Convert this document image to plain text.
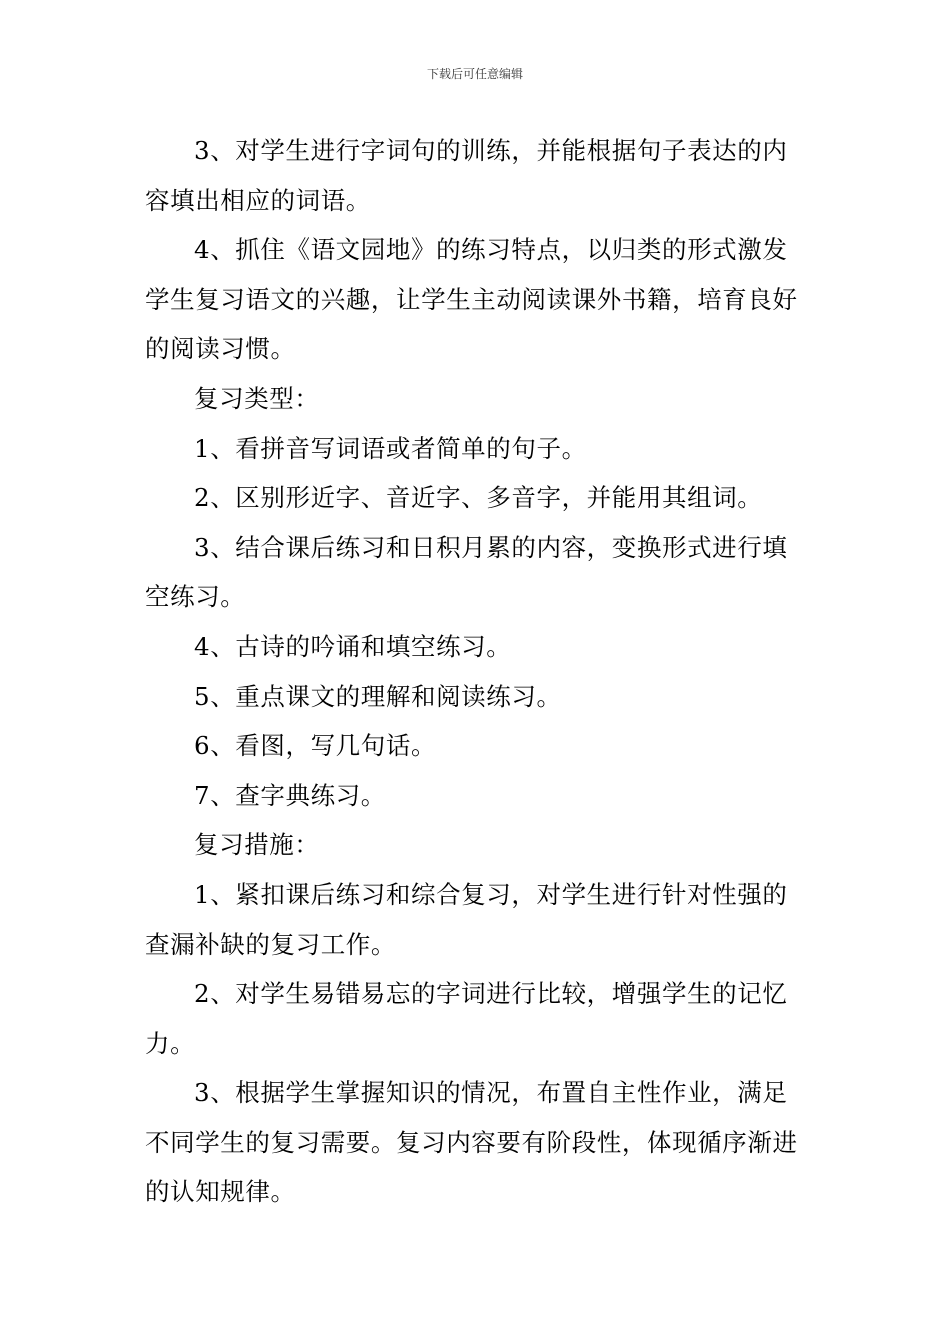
下载后可任意编辑

3、对学生进行字词句的训练，并能根据句子表达的内容填出相应的词语。

4、抓住《语文园地》的练习特点，以归类的形式激发学生复习语文的兴趣，让学生主动阅读课外书籍，培育良好的阅读习惯。

复习类型：

1、看拼音写词语或者简单的句子。

2、区别形近字、音近字、多音字，并能用其组词。

3、结合课后练习和日积月累的内容，变换形式进行填空练习。

4、古诗的吟诵和填空练习。

5、重点课文的理解和阅读练习。

6、看图，写几句话。

7、查字典练习。

复习措施：

1、紧扣课后练习和综合复习，对学生进行针对性强的查漏补缺的复习工作。

2、对学生易错易忘的字词进行比较，增强学生的记忆力。

3、根据学生掌握知识的情况，布置自主性作业，满足不同学生的复习需要。复习内容要有阶段性，体现循序渐进的认知规律。
